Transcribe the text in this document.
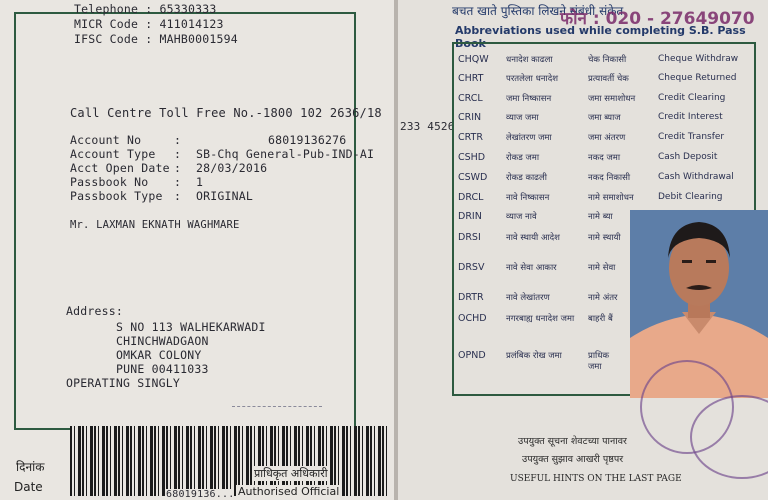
Telephone : 65330333
MICR Code : 411014123
IFSC Code : MAHB0001594
Call Centre Toll Free No.-1800 102 2636/18
Account No	:	68019136276
Account Type : SB-Chq General-Pub-IND-AI
Acct Open Date : 28/03/2016
Passbook No : 1
Passbook Type : ORIGINAL
Mr. LAXMAN EKNATH WAGHMARE
Address:
S NO 113 WALHEKARWADI
CHINCHWADGAON
OMKAR COLONY
PUNE 00411033
OPERATING SINGLY
दिनांक
Date
प्राधिकृत अधिकारी
Authorised Official
68019136...
233 4526
बचत खाते पुस्तिका लिखने संबंधी संकेत
फोन : 020 - 27649070
Abbreviations used while completing S.B. Pass Book
CHQW	धनादेश काढला	चेक निकासी	Cheque Withdraw
CHRT	परतलेला धनादेश	प्रत्यावर्ती चेक	Cheque Returned
CRCL	जमा निष्कासन	जमा समाशोधन	Credit Clearing
CRIN	व्याज जमा	जमा ब्याज	Credit Interest
CRTR	लेखांतरण जमा	जमा अंतरण	Credit Transfer
CSHD	रोकड जमा	नकद जमा	Cash Deposit
CSWD	रोकड काढली	नकद निकासी	Cash Withdrawal
DRCL	नावे निष्कासन	नामे समाशोधन	Debit Clearing
DRIN	व्याज नावे	नामे ब्या
DRSI	नावे स्थायी आदेश	नामे स्थायी
DRSV	नावे सेवा आकार	नामे सेवा
DRTR	नावे लेखांतरण	नामे अंतर
OCHD	नगरबाह्य धनादेश जमा	बाहरी बैं
OPND	प्रलंबिक रोख जमा	प्राधिक जमा
उपयुक्त सूचना शेवटच्या पानावर
उपयुक्त सुझाव आखरी पृष्ठपर
USEFUL HINTS ON THE LAST PAGE
